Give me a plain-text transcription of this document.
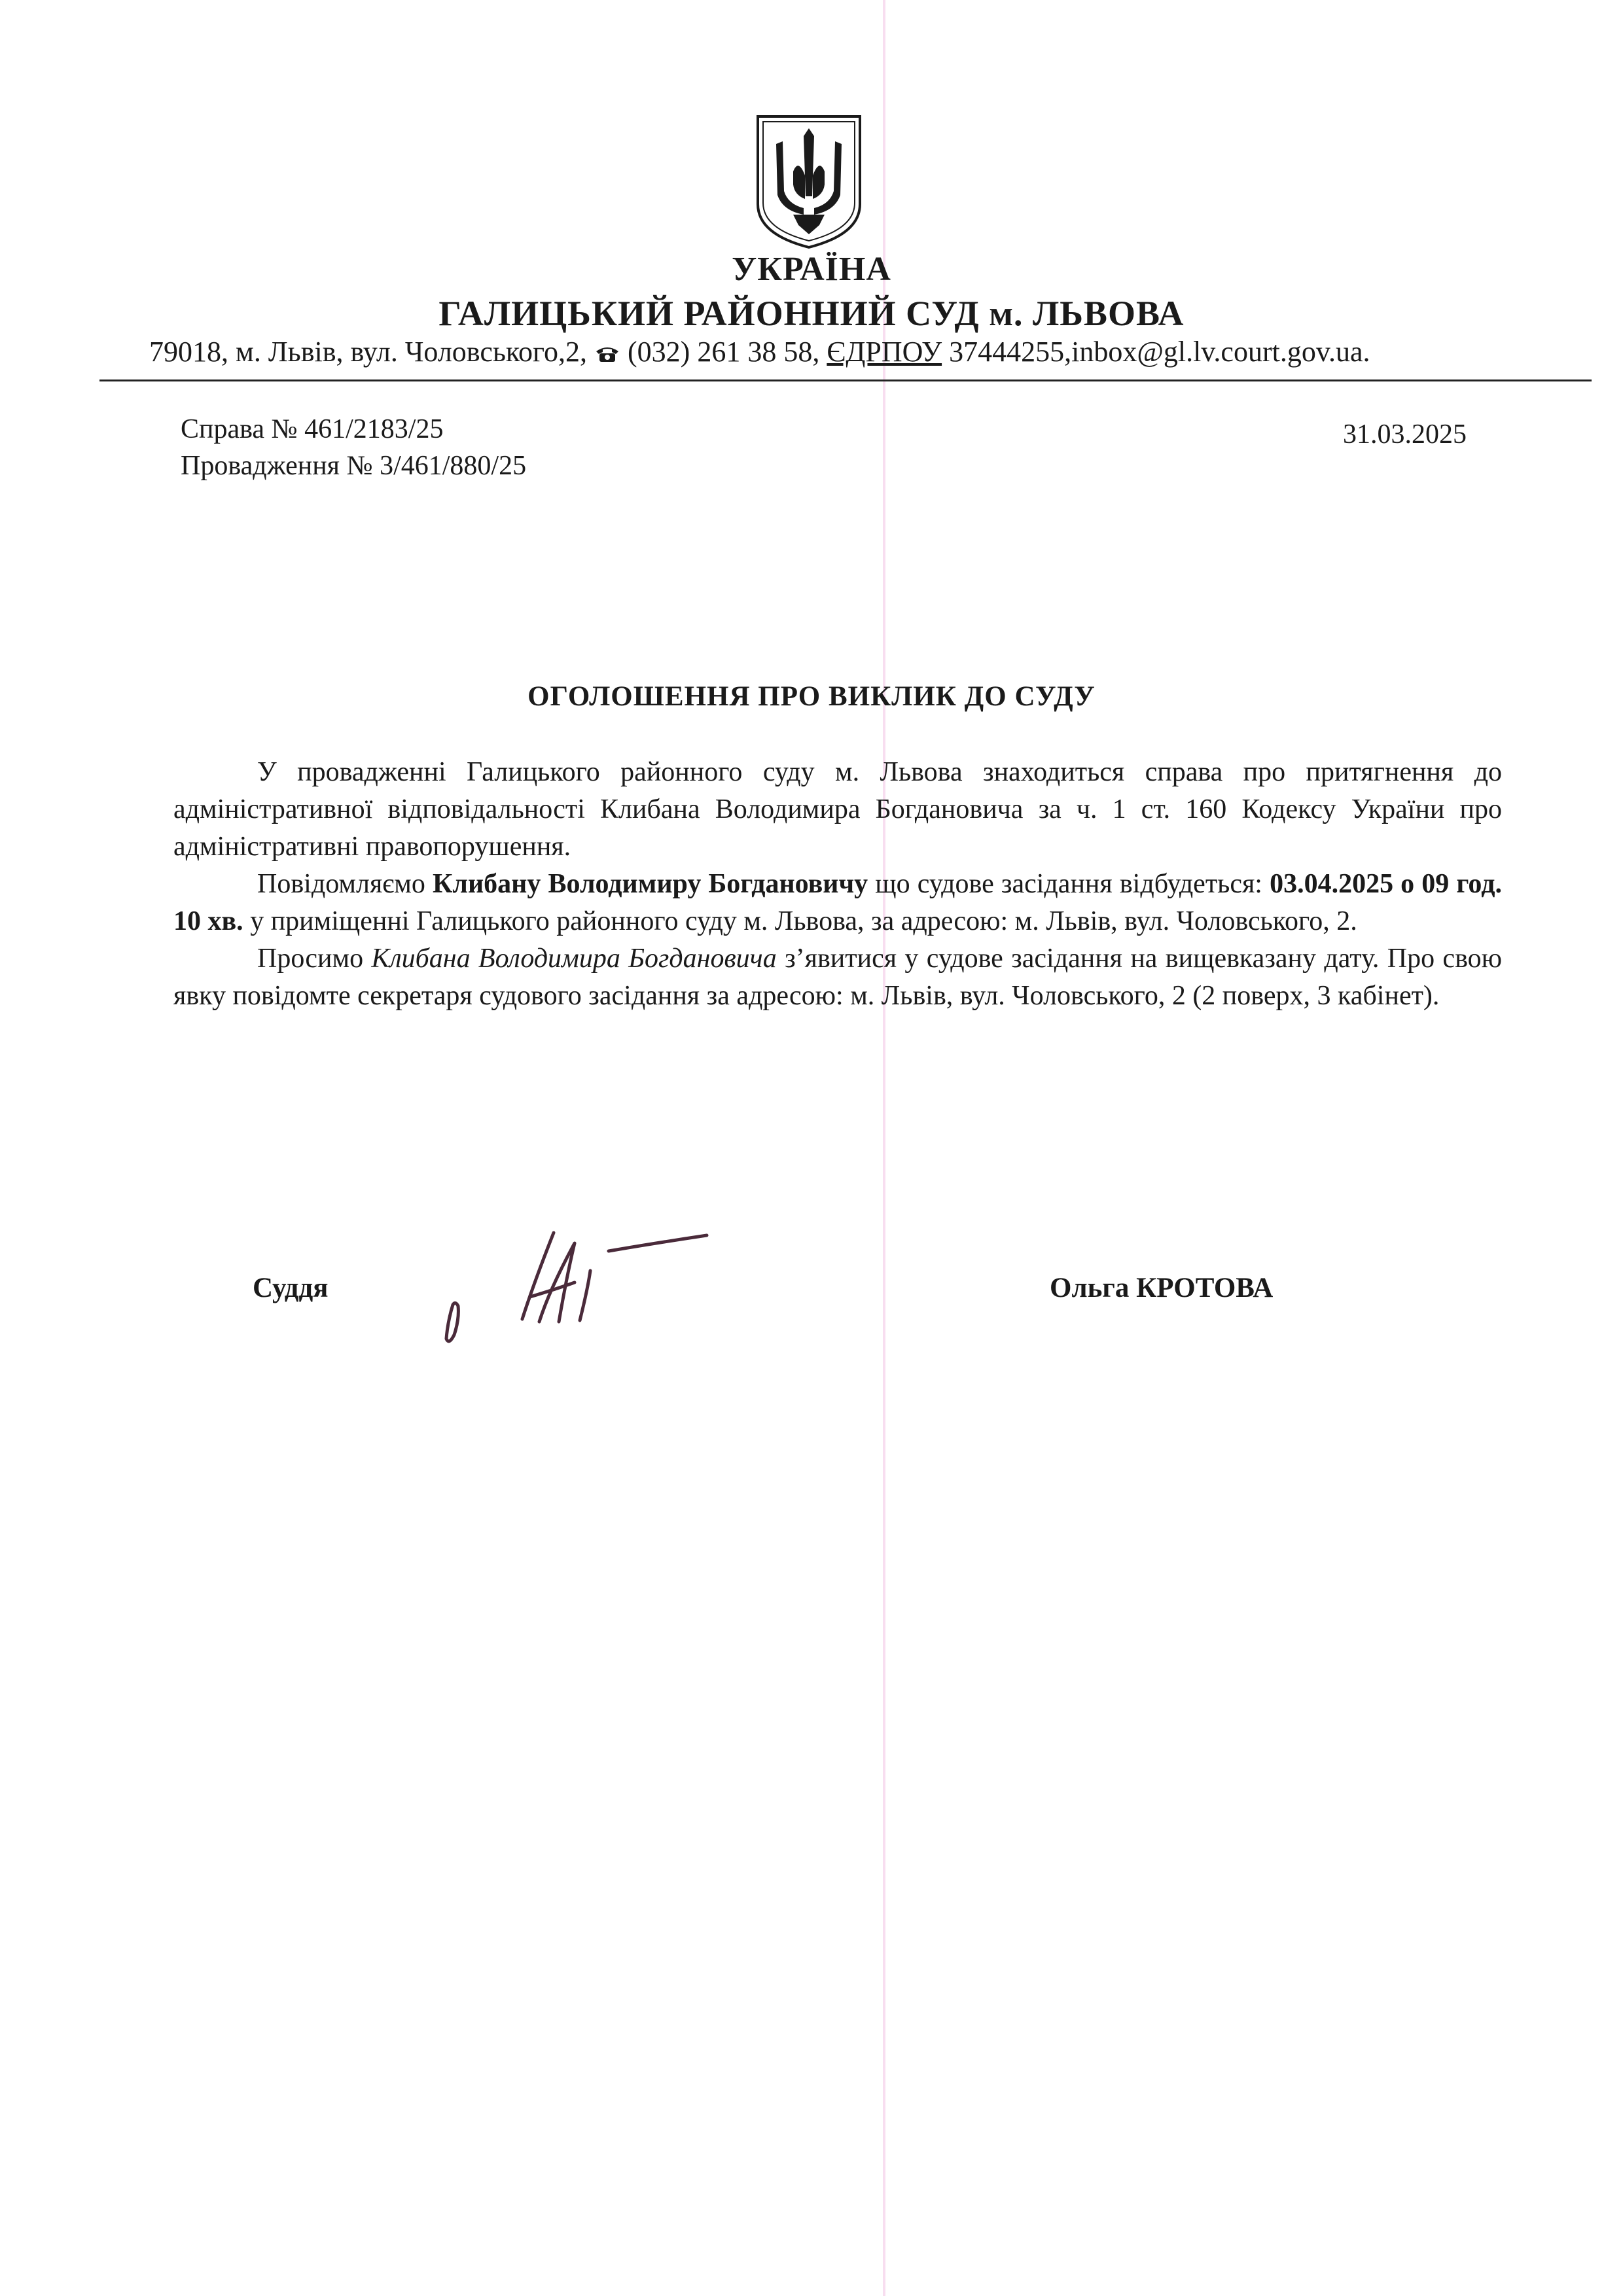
УКРАЇНА
ГАЛИЦЬКИЙ РАЙОННИЙ СУД м. ЛЬВОВА
79018, м. Львів, вул. Чоловського,2,  (032) 261 38 58, ЄДРПОУ 37444255,inbox@gl.lv.court.gov.ua.
Справа № 461/2183/25
Провадження № 3/461/880/25
31.03.2025
ОГОЛОШЕННЯ ПРО ВИКЛИК ДО СУДУ

У провадженні Галицького районного суду м. Львова знаходиться справа про притягнення до адміністративної відповідальності Клибана Володимира Богдановича за ч. 1 ст. 160 Кодексу України про адміністративні правопорушення.

Повідомляємо Клибану Володимиру Богдановичу що судове засідання відбудеться: 03.04.2025 о 09 год. 10 хв. у приміщенні Галицького районного суду м. Львова, за адресою: м. Львів, вул. Чоловського, 2.

Просимо Клибана Володимира Богдановича з’явитися у судове засідання на вищевказану дату. Про свою явку повідомте секретаря судового засідання за адресою: м. Львів, вул. Чоловського, 2 (2 поверх, 3 кабінет).

Суддя	Ольга КРОТОВА
